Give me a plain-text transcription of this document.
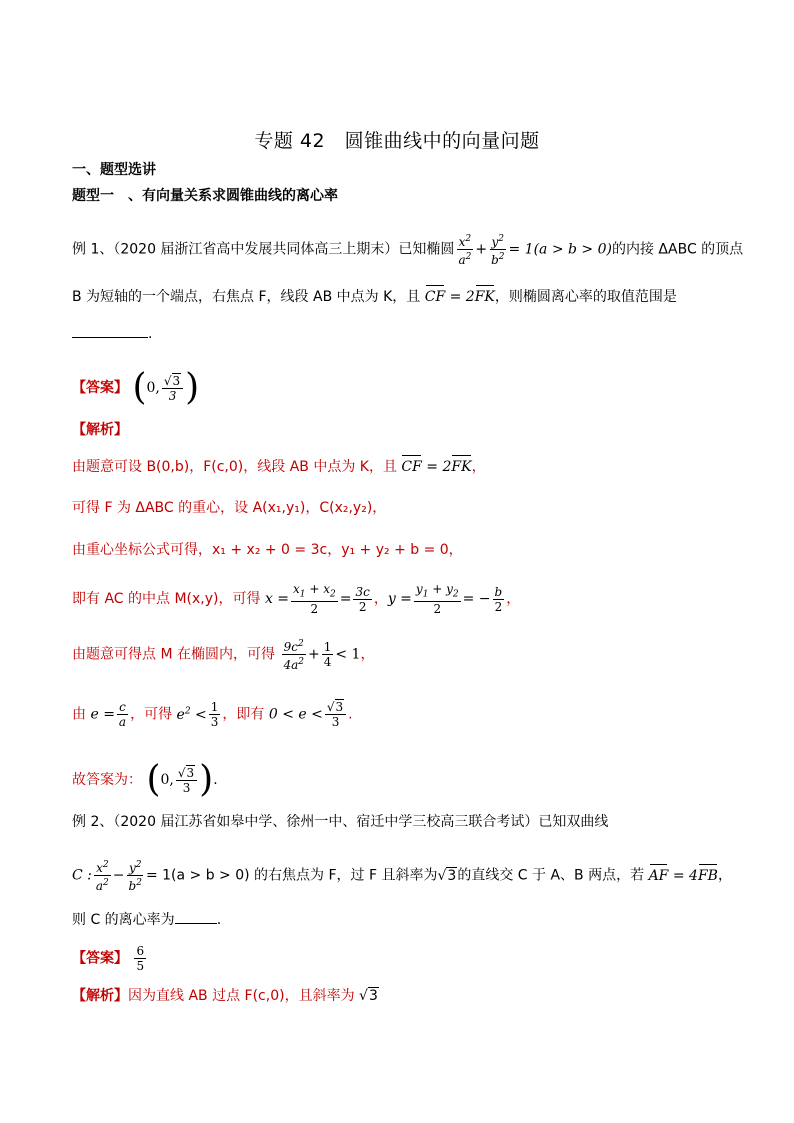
专题 42　圆锥曲线中的向量问题
一、题型选讲
题型一　、有向量关系求圆锥曲线的离心率
例 1、（2020 届浙江省高中发展共同体高三上期末）已知椭圆 $\frac{x^2}{a^2} + \frac{y^2}{b^2} = 1(a > b > 0)$的内接 ΔABC 的顶点
B 为短轴的一个端点，右焦点 F，线段 AB 中点为 K，且 CF = 2FK，则椭圆离心率的取值范围是
.
【答案】 (0, $\frac{√3}{3}$ )
【解析】
由题意可设 B(0,b)，F(c,0)，线段 AB 中点为 K，且 CF = 2FK，
可得 F 为 ΔABC 的重心，设 A(x₁,y₁)，C(x₂,y₂)，
由重心坐标公式可得，x₁ + x₂ + 0 = 3c，y₁ + y₂ + b = 0，
即有 AC 的中点 M(x,y)，可得 $x = \frac{x_1 + x_2}{2} = \frac{3c}{2}$ ，$y = \frac{y_1 + y_2}{2}$ = − $\frac{b}{2}$ ，
由题意可得点 M 在椭圆内，可得 $\frac{9c^2}{4a^2} + \frac{1}{4} < 1$，
由 $e = \frac{c}{a}$ ，可得 $e^2 < \frac{1}{3}$ ，即有 $0 < e < \frac{√3}{3}$ .
故答案为： (0, $\frac{√3}{3}$ ).
例 2、（2020 届江苏省如皋中学、徐州一中、宿迁中学三校高三联合考试）已知双曲线
C : $\frac{x^2}{a^2} - \frac{y^2}{b^2} = 1(a > b > 0)$ 的右焦点为 F，过 F 且斜率为√3的直线交 C 于 A、B 两点，若 AF = 4FB，
则 C 的离心率为	.
【答案】 $\frac{6}{5}$
【解析】因为直线 AB 过点 F(c,0)，且斜率为 √3
